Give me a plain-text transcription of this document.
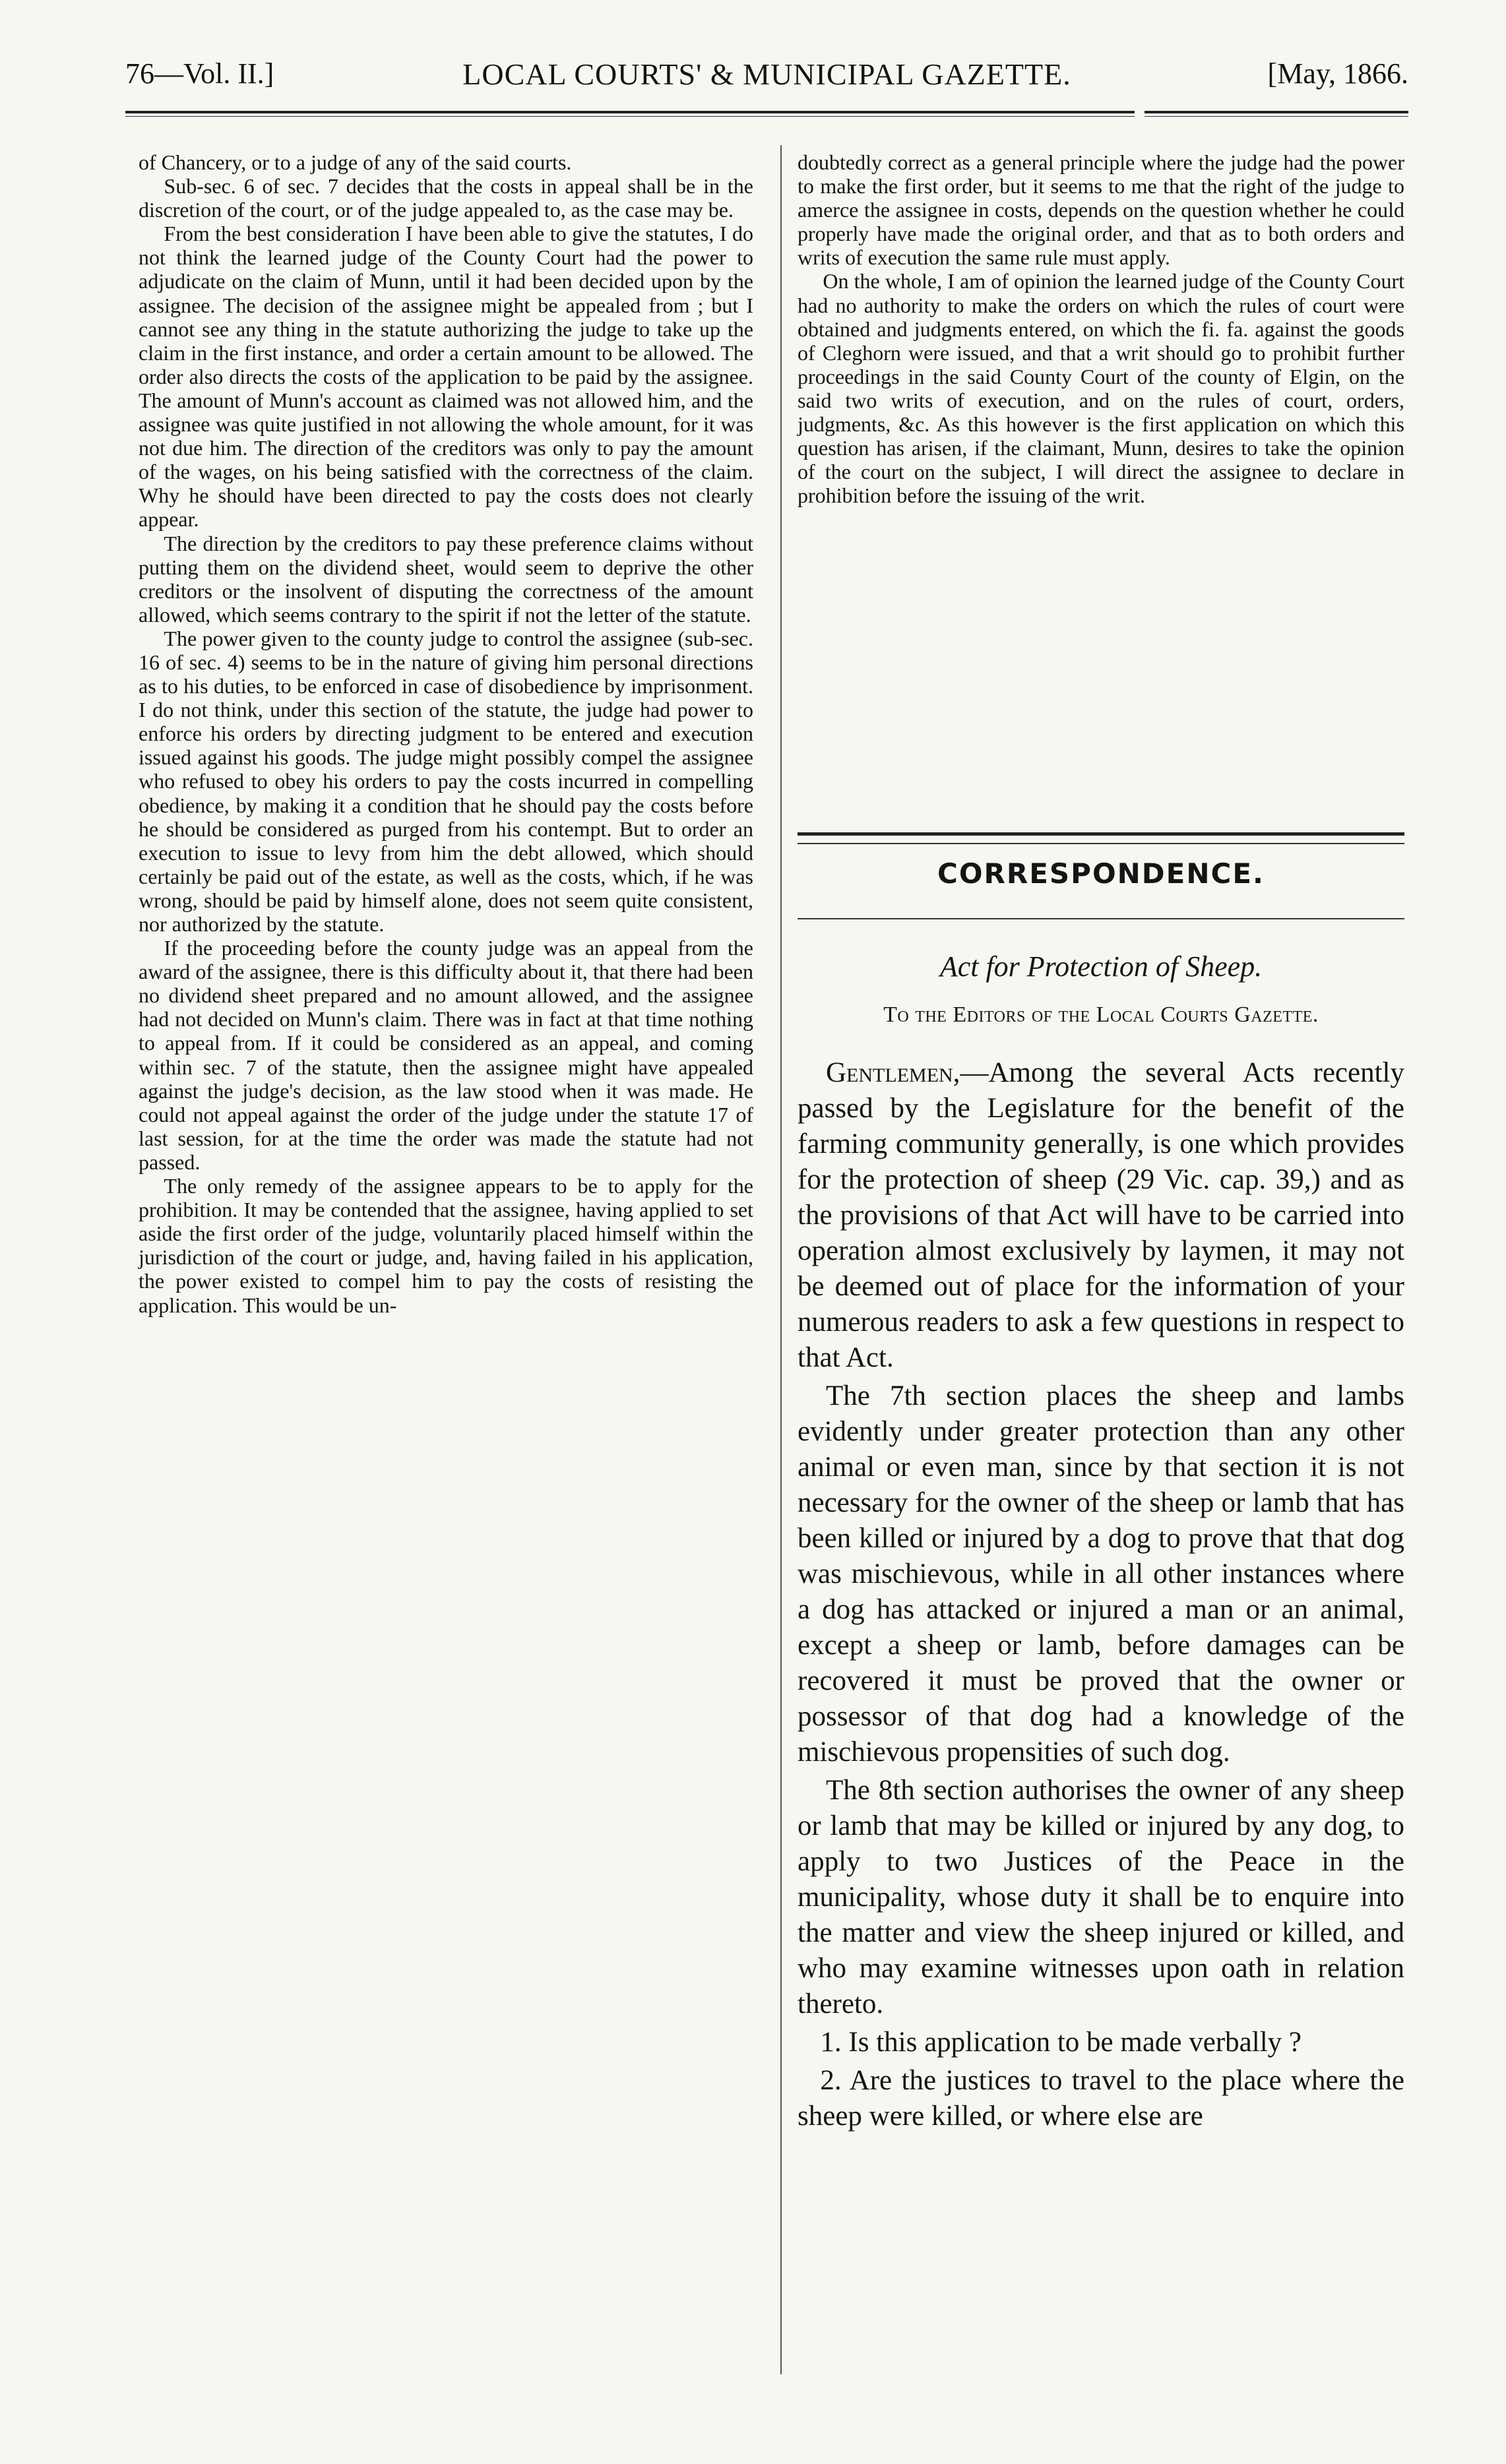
76—Vol. II.]	LOCAL COURTS' & MUNICIPAL GAZETTE.	[May, 1866.

of Chancery, or to a judge of any of the said courts.

Sub-sec. 6 of sec. 7 decides that the costs in appeal shall be in the discretion of the court, or of the judge appealed to, as the case may be.

From the best consideration I have been able to give the statutes, I do not think the learned judge of the County Court had the power to adjudicate on the claim of Munn, until it had been decided upon by the assignee. The decision of the assignee might be appealed from ; but I cannot see any thing in the statute authorizing the judge to take up the claim in the first instance, and order a certain amount to be allowed. The order also directs the costs of the application to be paid by the assignee. The amount of Munn's account as claimed was not allowed him, and the assignee was quite justified in not allowing the whole amount, for it was not due him. The direction of the creditors was only to pay the amount of the wages, on his being satisfied with the correctness of the claim. Why he should have been directed to pay the costs does not clearly appear.

The direction by the creditors to pay these preference claims without putting them on the dividend sheet, would seem to deprive the other creditors or the insolvent of disputing the correctness of the amount allowed, which seems contrary to the spirit if not the letter of the statute.

The power given to the county judge to control the assignee (sub-sec. 16 of sec. 4) seems to be in the nature of giving him personal directions as to his duties, to be enforced in case of disobedience by imprisonment. I do not think, under this section of the statute, the judge had power to enforce his orders by directing judgment to be entered and execution issued against his goods. The judge might possibly compel the assignee who refused to obey his orders to pay the costs incurred in compelling obedience, by making it a condition that he should pay the costs before he should be considered as purged from his contempt. But to order an execution to issue to levy from him the debt allowed, which should certainly be paid out of the estate, as well as the costs, which, if he was wrong, should be paid by himself alone, does not seem quite consistent, nor authorized by the statute.

If the proceeding before the county judge was an appeal from the award of the assignee, there is this difficulty about it, that there had been no dividend sheet prepared and no amount allowed, and the assignee had not decided on Munn's claim. There was in fact at that time nothing to appeal from. If it could be considered as an appeal, and coming within sec. 7 of the statute, then the assignee might have appealed against the judge's decision, as the law stood when it was made. He could not appeal against the order of the judge under the statute 17 of last session, for at the time the order was made the statute had not passed.

The only remedy of the assignee appears to be to apply for the prohibition. It may be contended that the assignee, having applied to set aside the first order of the judge, voluntarily placed himself within the jurisdiction of the court or judge, and, having failed in his application, the power existed to compel him to pay the costs of resisting the application. This would be un-

doubtedly correct as a general principle where the judge had the power to make the first order, but it seems to me that the right of the judge to amerce the assignee in costs, depends on the question whether he could properly have made the original order, and that as to both orders and writs of execution the same rule must apply.

On the whole, I am of opinion the learned judge of the County Court had no authority to make the orders on which the rules of court were obtained and judgments entered, on which the fi. fa. against the goods of Cleghorn were issued, and that a writ should go to prohibit further proceedings in the said County Court of the county of Elgin, on the said two writs of execution, and on the rules of court, orders, judgments, &c. As this however is the first application on which this question has arisen, if the claimant, Munn, desires to take the opinion of the court on the subject, I will direct the assignee to declare in prohibition before the issuing of the writ.

CORRESPONDENCE.
Act for Protection of Sheep.
To the Editors of the Local Courts Gazette.

Gentlemen,—Among the several Acts recently passed by the Legislature for the benefit of the farming community generally, is one which provides for the protection of sheep (29 Vic. cap. 39,) and as the provisions of that Act will have to be carried into operation almost exclusively by laymen, it may not be deemed out of place for the information of your numerous readers to ask a few questions in respect to that Act.

The 7th section places the sheep and lambs evidently under greater protection than any other animal or even man, since by that section it is not necessary for the owner of the sheep or lamb that has been killed or injured by a dog to prove that that dog was mischievous, while in all other instances where a dog has attacked or injured a man or an animal, except a sheep or lamb, before damages can be recovered it must be proved that the owner or possessor of that dog had a knowledge of the mischievous propensities of such dog.

The 8th section authorises the owner of any sheep or lamb that may be killed or injured by any dog, to apply to two Justices of the Peace in the municipality, whose duty it shall be to enquire into the matter and view the sheep injured or killed, and who may examine witnesses upon oath in relation thereto.

1. Is this application to be made verbally ?

2. Are the justices to travel to the place where the sheep were killed, or where else are
